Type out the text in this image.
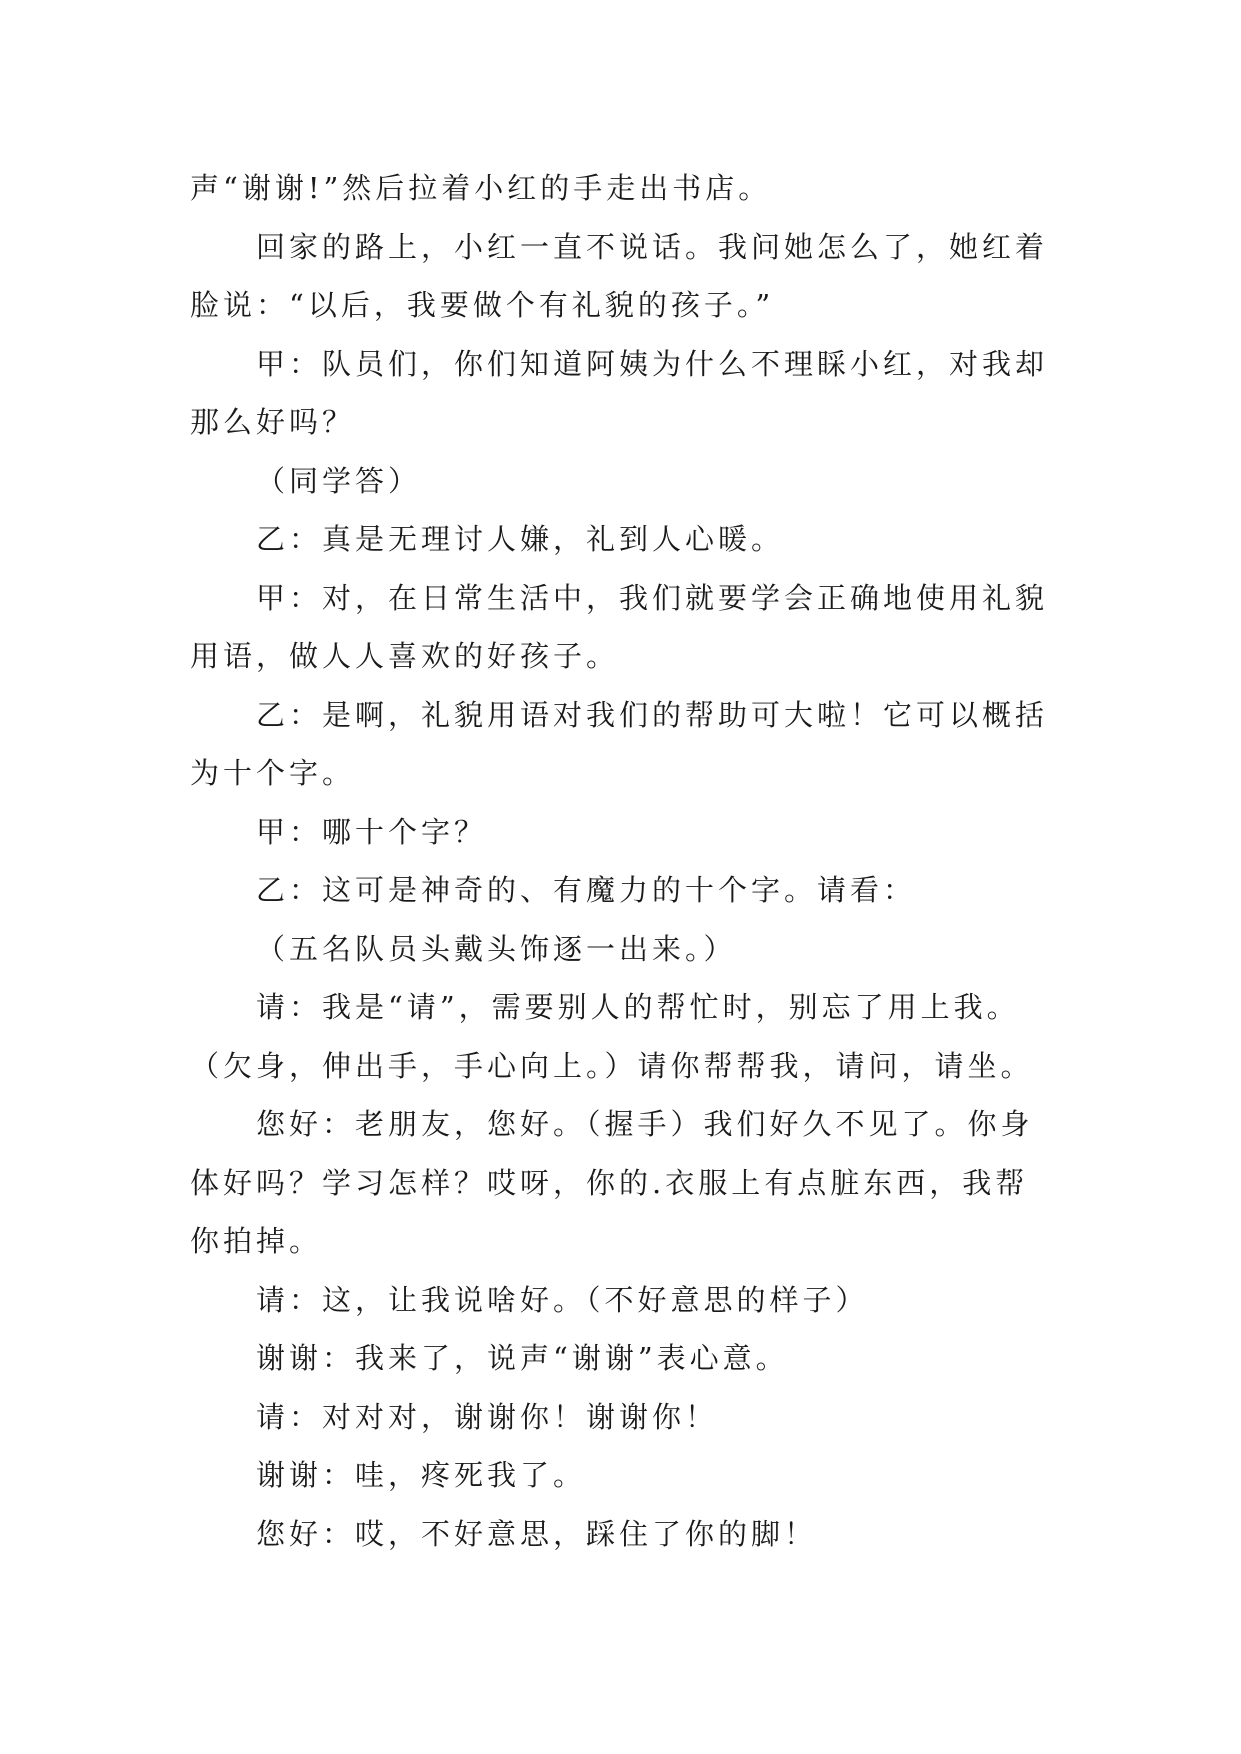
声“谢谢!”然后拉着小红的手走出书店。
回家的路上，小红一直不说话。我问她怎么了，她红着
脸说：“以后，我要做个有礼貌的孩子。”
甲：队员们，你们知道阿姨为什么不理睬小红，对我却
那么好吗？
（同学答）
乙：真是无理讨人嫌，礼到人心暖。
甲：对，在日常生活中，我们就要学会正确地使用礼貌
用语，做人人喜欢的好孩子。
乙：是啊，礼貌用语对我们的帮助可大啦！它可以概括
为十个字。
甲：哪十个字？
乙：这可是神奇的、有魔力的十个字。请看：
（五名队员头戴头饰逐一出来。）
请：我是“请”，需要别人的帮忙时，别忘了用上我。
（欠身，伸出手，手心向上。）请你帮帮我，请问，请坐。
您好：老朋友，您好。（握手）我们好久不见了。你身
体好吗？学习怎样？哎呀，你的.衣服上有点脏东西，我帮
你拍掉。
请：这，让我说啥好。（不好意思的样子）
谢谢：我来了，说声“谢谢”表心意。
请：对对对，谢谢你！谢谢你！
谢谢：哇，疼死我了。
您好：哎，不好意思，踩住了你的脚！
